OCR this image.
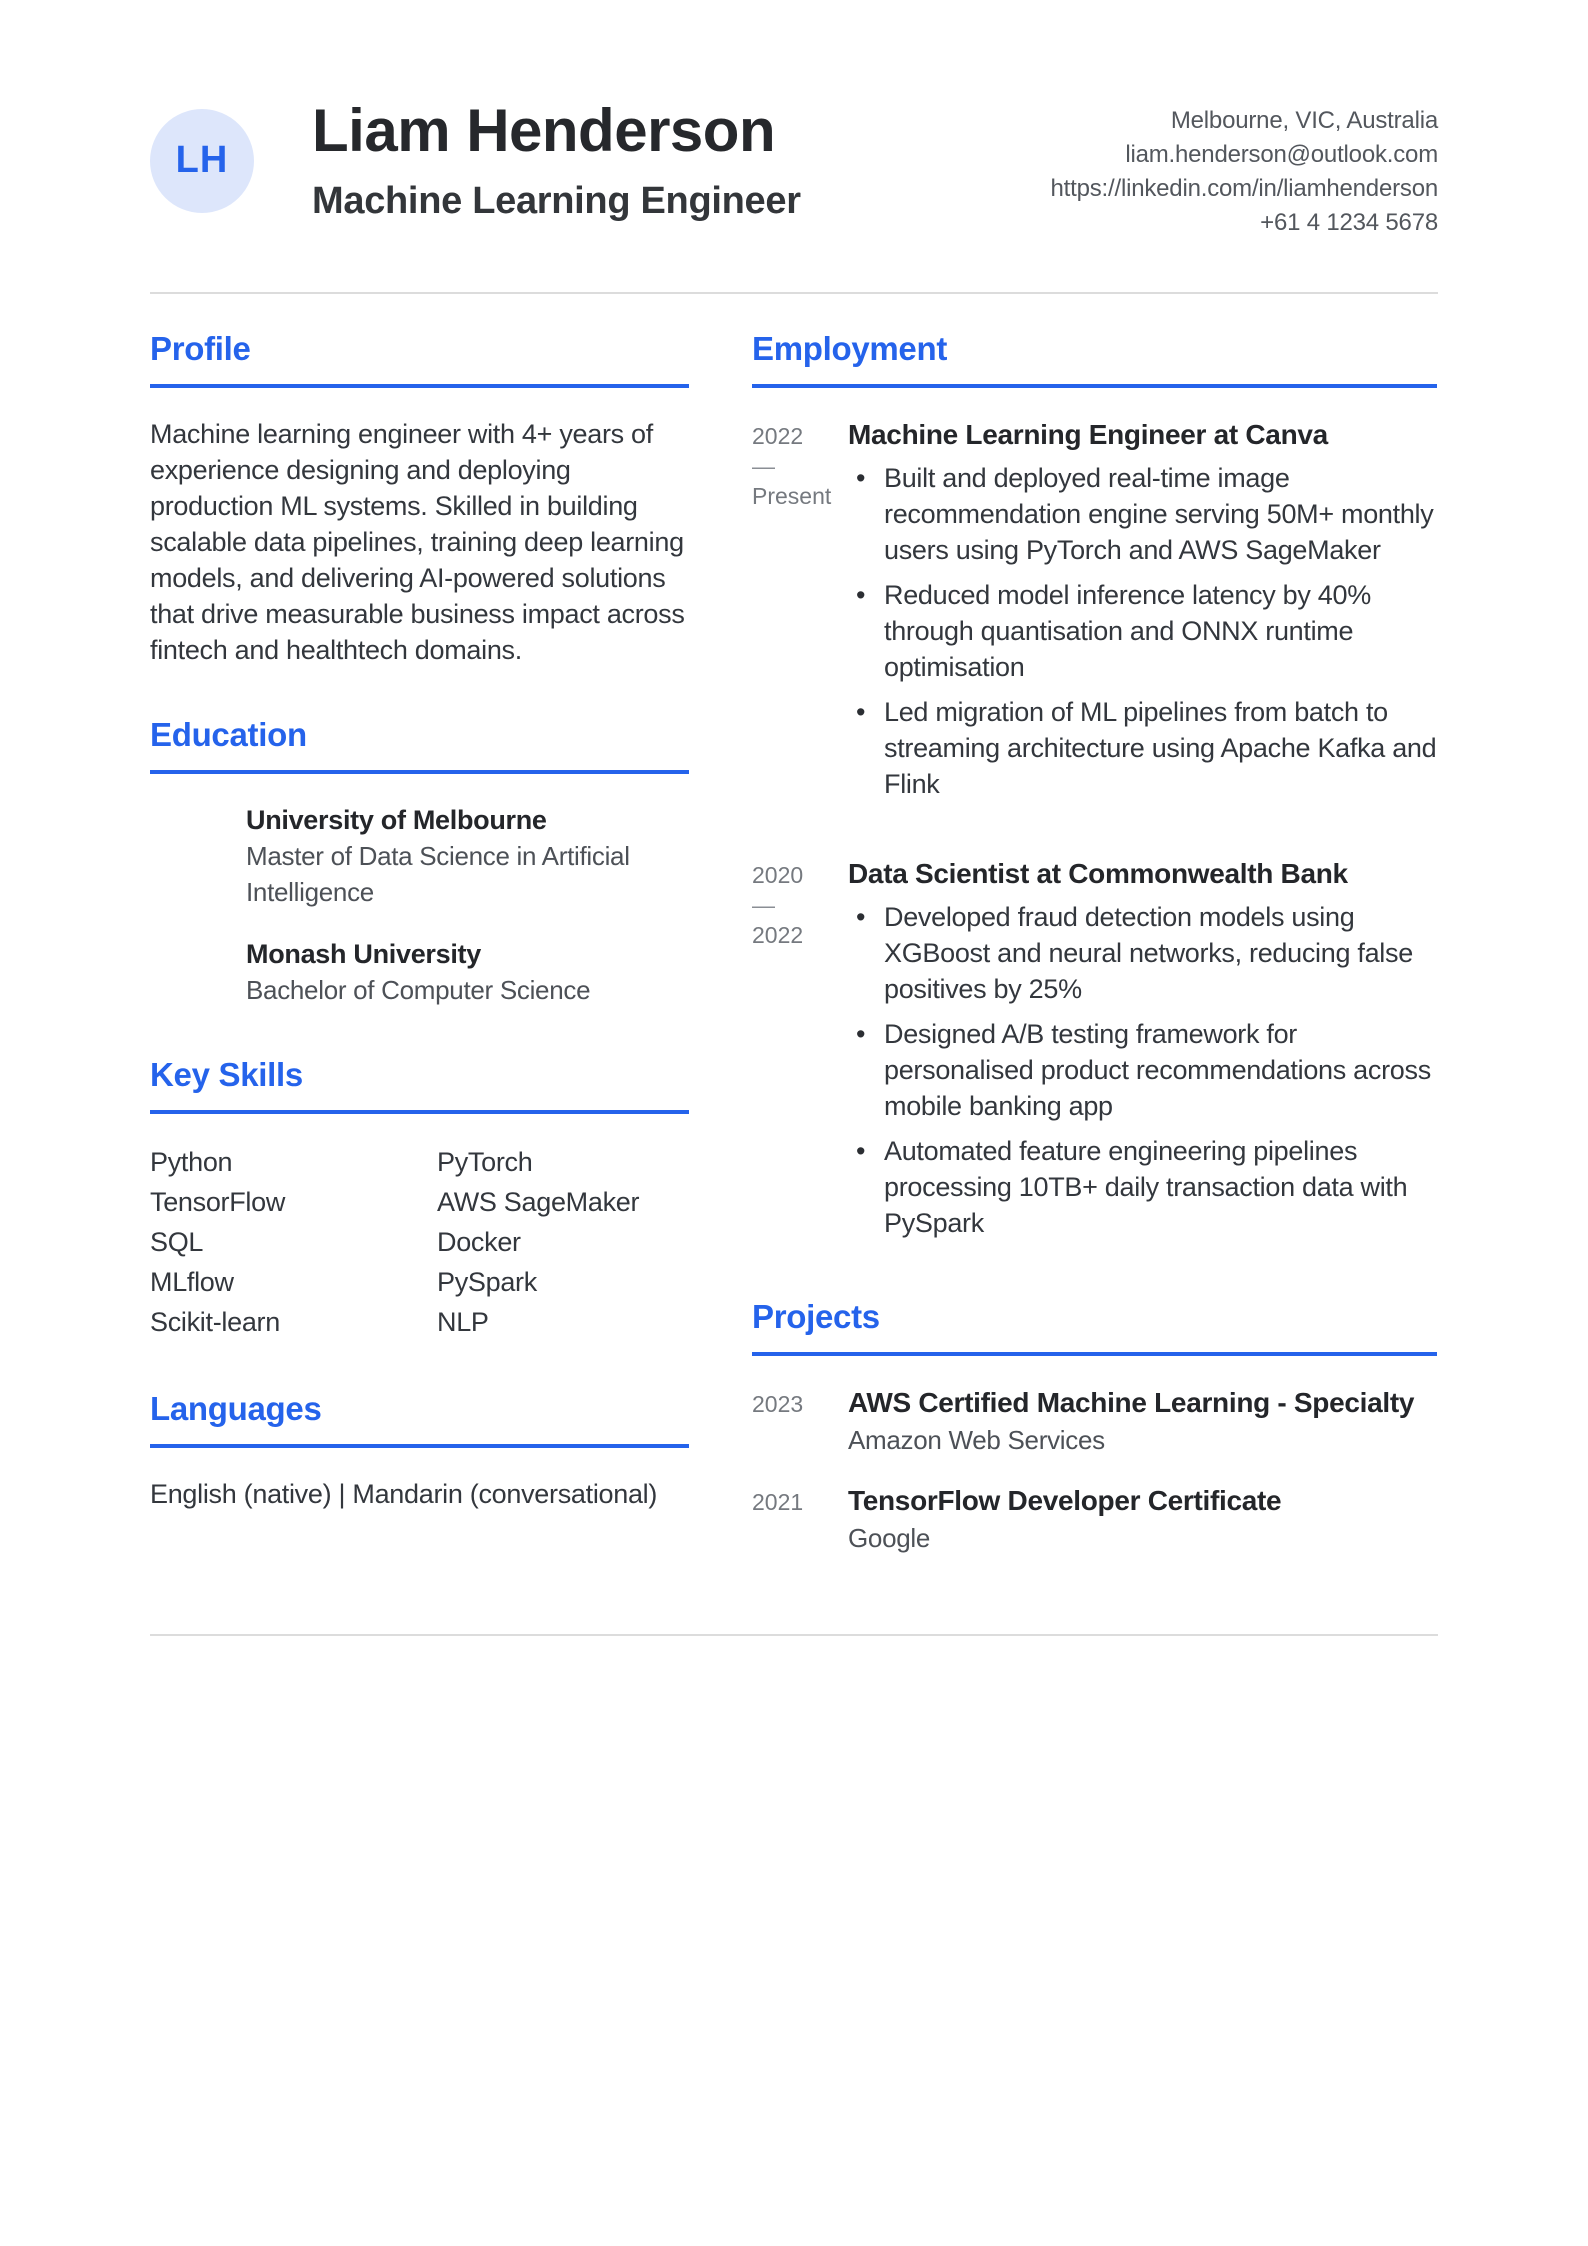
LH Liam Henderson
Machine Learning Engineer
Melbourne, VIC, Australia
liam.henderson@outlook.com
https://linkedin.com/in/liamhenderson
+61 4 1234 5678
Profile

Machine learning engineer with 4+ years of experience designing and deploying production ML systems. Skilled in building scalable data pipelines, training deep learning models, and delivering AI-powered solutions that drive measurable business impact across fintech and healthtech domains.

Education
University of Melbourne
Master of Data Science in Artificial Intelligence
Monash University
Bachelor of Computer Science
Key Skills
Python
TensorFlow
SQL
MLflow
Scikit-learn
PyTorch
AWS SageMaker
Docker
PySpark
NLP
Languages

English (native) | Mandarin (conversational)

Employment
2022
—
Present
Machine Learning Engineer at Canva
• Built and deployed real-time image recommendation engine serving 50M+ monthly users using PyTorch and AWS SageMaker
• Reduced model inference latency by 40% through quantisation and ONNX runtime optimisation
• Led migration of ML pipelines from batch to streaming architecture using Apache Kafka and Flink
2020
—
2022
Data Scientist at Commonwealth Bank
• Developed fraud detection models using XGBoost and neural networks, reducing false positives by 25%
• Designed A/B testing framework for personalised product recommendations across mobile banking app
• Automated feature engineering pipelines processing 10TB+ daily transaction data with PySpark
Projects
2023	AWS Certified Machine Learning - Specialty
Amazon Web Services
2021	TensorFlow Developer Certificate
Google
